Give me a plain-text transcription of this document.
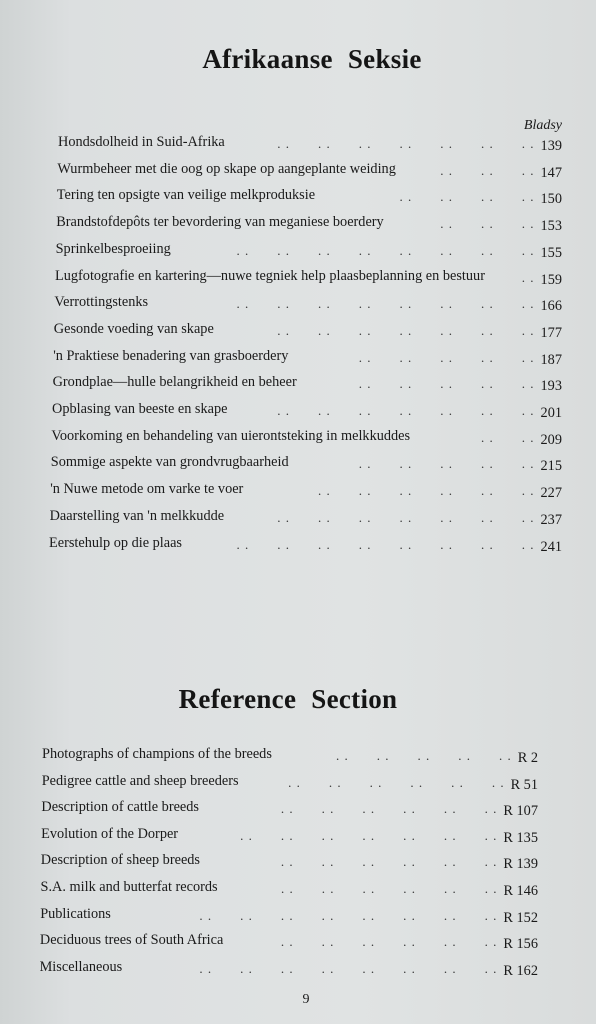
Afrikaanse Seksie
Bladsy
Hondsdolheid in Suid-Afrika	. .  . .  . .  . .  . .  . .  . . 139
Wurmbeheer met die oog op skape op aangeplante weiding	. .  . .  . . 147
Tering ten opsigte van veilige melkproduksie	. .  . .  . .  . . 150
Brandstofdepôts ter bevordering van meganiese boerdery	. .  . .  . . 153
Sprinkelbesproeiing	. .  . .  . .  . .  . .  . .  . .  . . 155
Lugfotografie en kartering—nuwe tegniek help plaasbeplanning en bestuur	. . 159
Verrottingstenks	. .  . .  . .  . .  . .  . .  . .  . . 166
Gesonde voeding van skape	. .  . .  . .  . .  . .  . .  . . 177
'n Praktiese benadering van grasboerdery	. .  . .  . .  . .  . . 187
Grondplae—hulle belangrikheid en beheer	. .  . .  . .  . .  . . 193
Opblasing van beeste en skape	. .  . .  . .  . .  . .  . .  . . 201
Voorkoming en behandeling van uierontsteking in melkkuddes	. .  . . 209
Sommige aspekte van grondvrugbaarheid	. .  . .  . .  . .  . . 215
'n Nuwe metode om varke te voer	. .  . .  . .  . .  . .  . . 227
Daarstelling van 'n melkkudde	. .  . .  . .  . .  . .  . .  . . 237
Eerstehulp op die plaas	. .  . .  . .  . .  . .  . .  . .  . . 241
Reference Section
Photographs of champions of the breeds	. .  . .  . .  . .  . . R 2
Pedigree cattle and sheep breeders	. .  . .  . .  . .  . .  . . R 51
Description of cattle breeds	. .  . .  . .  . .  . .  . . R 107
Evolution of the Dorper	. .  . .  . .  . .  . .  . .  . . R 135
Description of sheep breeds	. .  . .  . .  . .  . .  . . R 139
S.A. milk and butterfat records	. .  . .  . .  . .  . .  . . R 146
Publications	. .  . .  . .  . .  . .  . .  . .  . . R 152
Deciduous trees of South Africa	. .  . .  . .  . .  . .  . . R 156
Miscellaneous	. .  . .  . .  . .  . .  . .  . .  . . R 162
9
